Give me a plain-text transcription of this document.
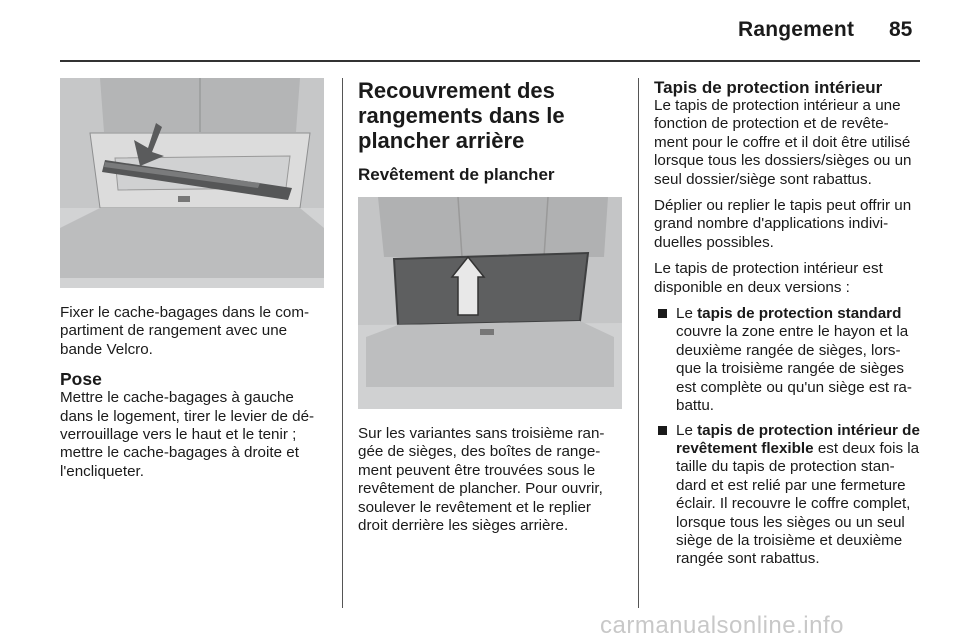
Rangement 85

Fixer le cache-bagages dans le com-partiment de rangement avec une bande Velcro.

Pose

Mettre le cache-bagages à gauche dans le logement, tirer le levier de dé-verrouillage vers le haut et le tenir ; mettre le cache-bagages à droite et l'encliqueter.

Recouvrement des rangements dans le plancher arrière
Revêtement de plancher

Sur les variantes sans troisième ran-gée de sièges, des boîtes de range-ment peuvent être trouvées sous le revêtement de plancher. Pour ouvrir, soulever le revêtement et le replier droit derrière les sièges arrière.

Tapis de protection intérieur

Le tapis de protection intérieur a une fonction de protection et de revête-ment pour le coffre et il doit être utilisé lorsque tous les dossiers/sièges ou un seul dossier/siège sont rabattus.

Déplier ou replier le tapis peut offrir un grand nombre d'applications indivi-duelles possibles.

Le tapis de protection intérieur est disponible en deux versions :

Le tapis de protection standard couvre la zone entre le hayon et la deuxième rangée de sièges, lors-que la troisième rangée de sièges est complète ou qu'un siège est ra-battu.
Le tapis de protection intérieur de revêtement flexible est deux fois la taille du tapis de protection stan-dard et est relié par une fermeture éclair. Il recouvre le coffre complet, lorsque tous les sièges ou un seul siège de la troisième et deuxième rangée sont rabattus.
carmanualsonline.info
